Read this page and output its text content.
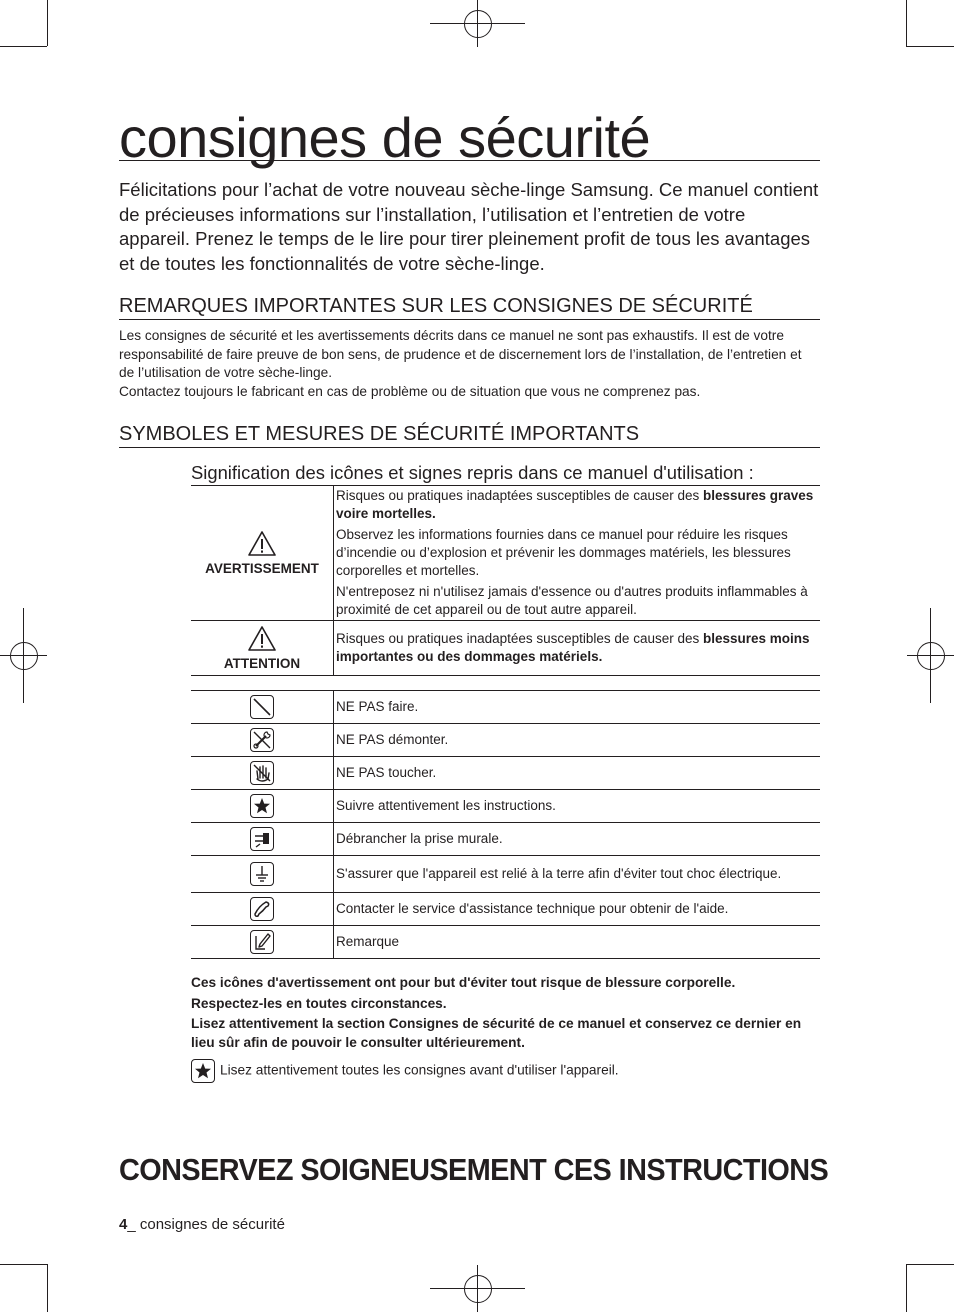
consignes de sécurité
Félicitations pour l’achat de votre nouveau sèche-linge Samsung. Ce manuel contient de précieuses informations sur l’installation, l’utilisation et l’entretien de votre appareil. Prenez le temps de le lire pour tirer pleinement profit de tous les avantages et de toutes les fonctionnalités de votre sèche-linge.
REMARQUES IMPORTANTES SUR LES CONSIGNES DE SÉCURITÉ

Les consignes de sécurité et les avertissements décrits dans ce manuel ne sont pas exhaustifs. Il est de votre responsabilité de faire preuve de bon sens, de prudence et de discernement lors de l’installation, de l’entretien et de l’utilisation de votre sèche-linge.

Contactez toujours le fabricant en cas de problème ou de situation que vous ne comprenez pas.

SYMBOLES ET MESURES DE SÉCURITÉ IMPORTANTS
Signification des icônes et signes repris dans ce manuel d'utilisation :
AVERTISSEMENT	Risques ou pratiques inadaptées susceptibles de causer des blessures graves voire mortelles.

Observez les informations fournies dans ce manuel pour réduire les risques d’incendie ou d’explosion et prévenir les dommages matériels, les blessures corporelles et mortelles.

N'entreposez ni n'utilisez jamais d'essence ou d'autres produits inflammables à proximité de cet appareil ou de tout autre appareil.

ATTENTION	Risques ou pratiques inadaptées susceptibles de causer des blessures moins importantes ou des dommages matériels.

	NE PAS faire.

	NE PAS démonter.

	NE PAS toucher.

	Suivre attentivement les instructions.

	Débrancher la prise murale.

	S'assurer que l'appareil est relié à la terre afin d'éviter tout choc électrique.

	Contacter le service d'assistance technique pour obtenir de l'aide.

	Remarque

Ces icônes d'avertissement ont pour but d'éviter tout risque de blessure corporelle.

Respectez-les en toutes circonstances.

Lisez attentivement la section Consignes de sécurité de ce manuel et conservez ce dernier en lieu sûr afin de pouvoir le consulter ultérieurement.

Lisez attentivement toutes les consignes avant d'utiliser l'appareil.
CONSERVEZ SOIGNEUSEMENT CES INSTRUCTIONS
4_ consignes de sécurité
